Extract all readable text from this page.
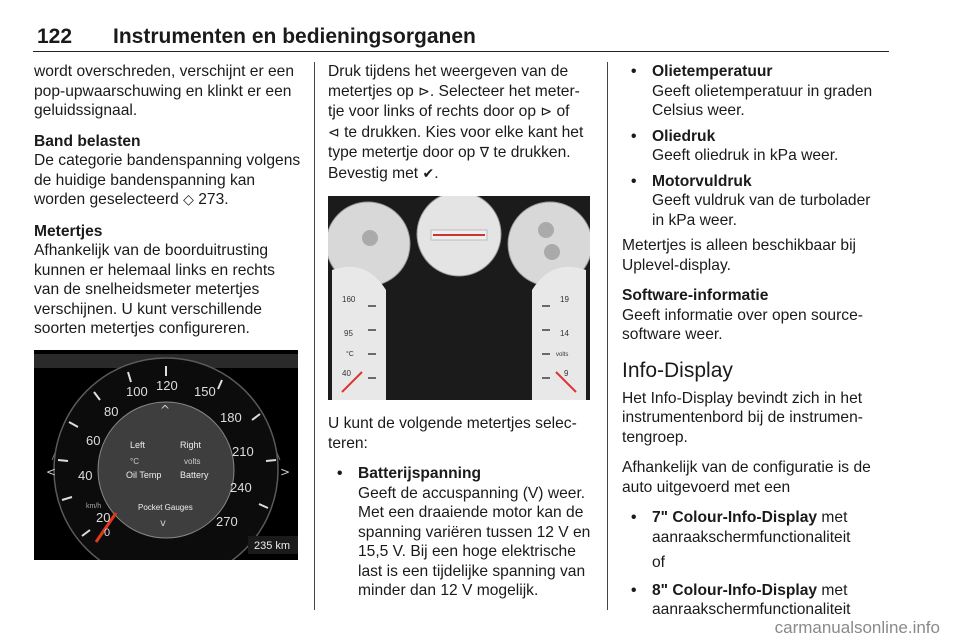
122 Instrumenten en bedieningsorganen

wordt overschreden, verschijnt er een pop-upwaarschuwing en klinkt er een geluidssignaal.

Band belasten
De categorie bandenspanning volgens de huidige bandenspanning kan worden geselecteerd ◇ 273.

Metertjes
Afhankelijk van de boorduitrusting kunnen er helemaal links en rechts van de snelheidsmeter metertjes verschijnen. U kunt verschillende soorten metertjes configureren.

20
40
60
80
100 120 150
180
210
240
270
0
km/h
^
Left	Right
°C	volts
Oil Temp Battery
Pocket Gauges
v
<	>
235 km

Druk tijdens het weergeven van de metertjes op ⊳. Selecteer het meter-tje voor links of rechts door op ⊳ of
⊲ te drukken. Kies voor elke kant het type metertje door op ∇ te drukken. Bevestig met ✔.

160
95
40
°C
19
14
9
volts

U kunt de volgende metertjes selec-teren:

• Batterijspanning
Geeft de accuspanning (V) weer. Met een draaiende motor kan de spanning variëren tussen 12 V en 15,5 V. Bij een hoge elektrische last is een tijdelijke spanning van minder dan 12 V mogelijk.
• Olietemperatuur
Geeft olietemperatuur in graden Celsius weer.
• Oliedruk
Geeft oliedruk in kPa weer.
• Motorvuldruk
Geeft vuldruk van de turbolader in kPa weer.

Metertjes is alleen beschikbaar bij Uplevel-display.

Software-informatie
Geeft informatie over open source-software weer.

Info-Display

Het Info-Display bevindt zich in het instrumentenbord bij de instrumen-tengroep.

Afhankelijk van de configuratie is de auto uitgevoerd met een

• 7" Colour-Info-Display met
aanraakschermfunctionaliteit
of
• 8" Colour-Info-Display met
aanraakschermfunctionaliteit
carmanualsonline.info
